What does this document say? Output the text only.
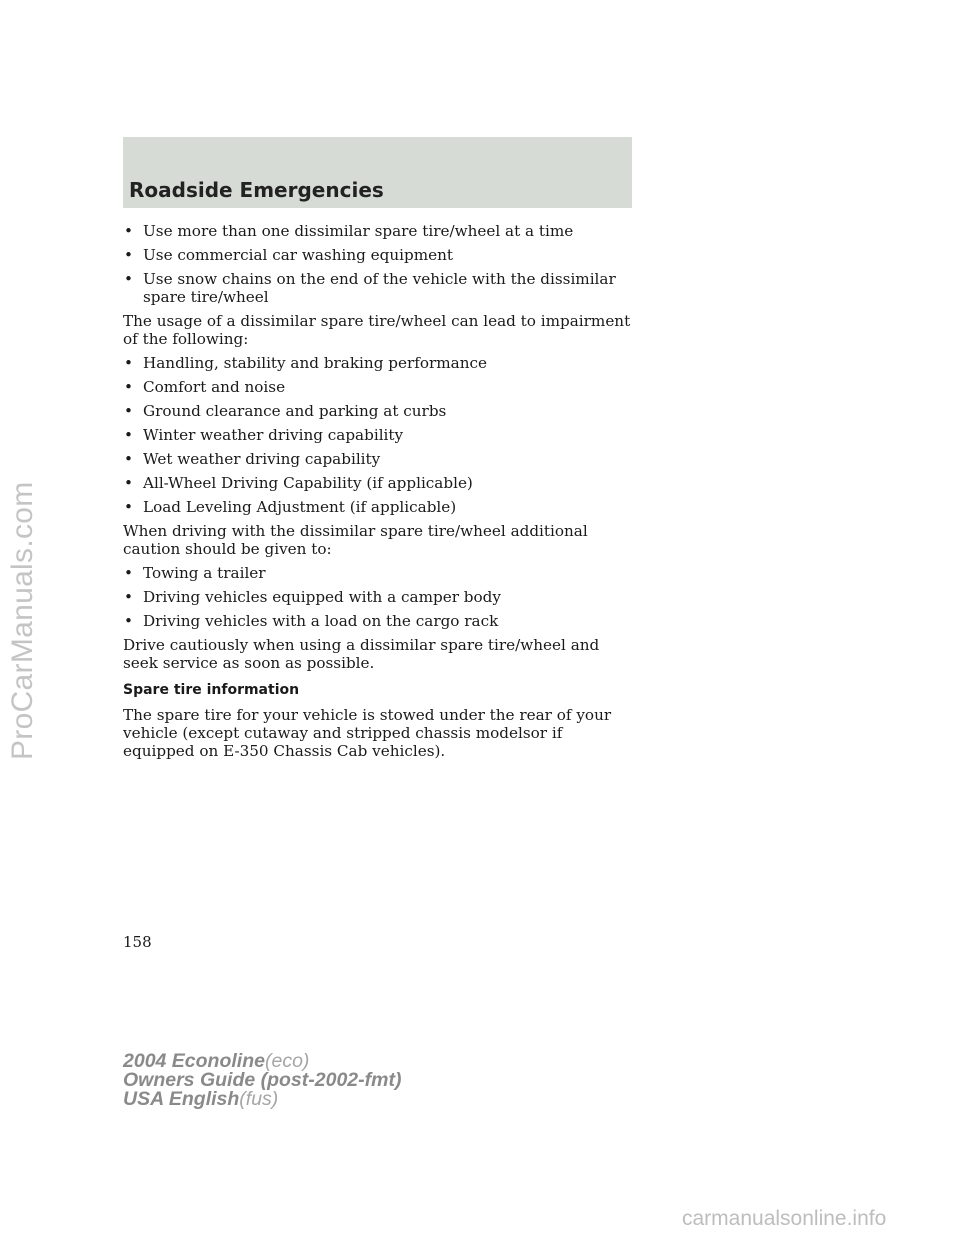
ProCarManuals.com
Roadside Emergencies
• Use more than one dissimilar spare tire/wheel at a time
• Use commercial car washing equipment
• Use snow chains on the end of the vehicle with the dissimilar spare tire/wheel
The usage of a dissimilar spare tire/wheel can lead to impairment of the following:
• Handling, stability and braking performance
• Comfort and noise
• Ground clearance and parking at curbs
• Winter weather driving capability
• Wet weather driving capability
• All-Wheel Driving Capability (if applicable)
• Load Leveling Adjustment (if applicable)
When driving with the dissimilar spare tire/wheel additional caution should be given to:
• Towing a trailer
• Driving vehicles equipped with a camper body
• Driving vehicles with a load on the cargo rack
Drive cautiously when using a dissimilar spare tire/wheel and seek service as soon as possible.
Spare tire information
The spare tire for your vehicle is stowed under the rear of your vehicle (except cutaway and stripped chassis modelsor if equipped on E-350 Chassis Cab vehicles).
158
2004 Econoline(eco)
Owners Guide (post-2002-fmt)
USA English(fus)
carmanualsonline.info
